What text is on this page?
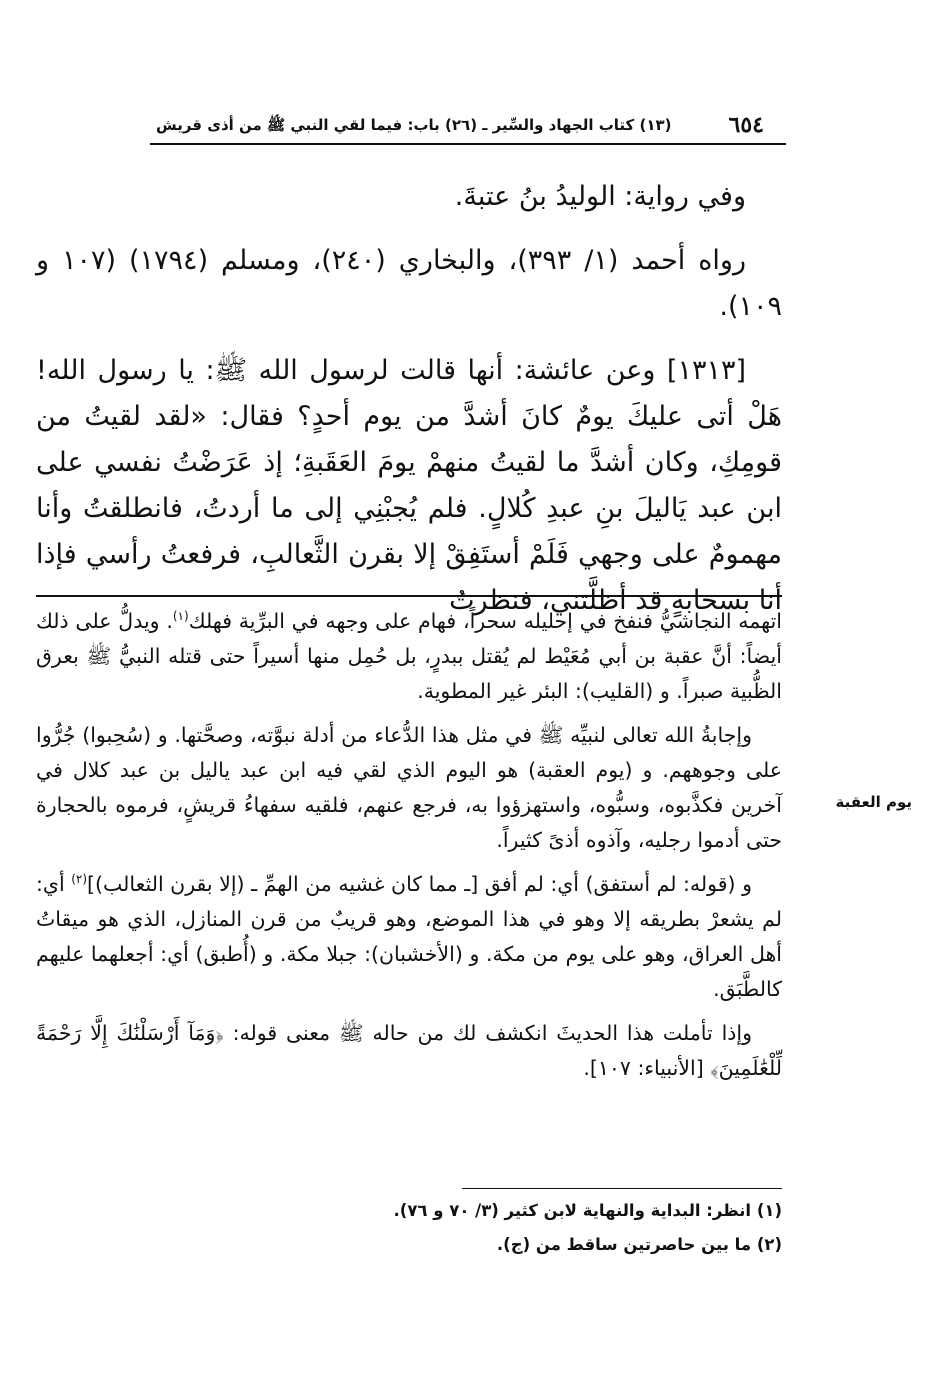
٦٥٤
(١٣) كتاب الجهاد والسِّير ـ (٢٦) باب: فيما لقي النبي ﷺ من أذى قريش

وفي رواية: الوليدُ بنُ عتبةَ.

رواه أحمد (١/ ٣٩٣)، والبخاري (٢٤٠)، ومسلم (١٧٩٤) (١٠٧ و ١٠٩).

[١٣١٣] وعن عائشة: أنها قالت لرسول الله ﷺ: يا رسول الله! هَلْ أتى عليكَ يومٌ كانَ أشدَّ من يوم أحدٍ؟ فقال: «لقد لقيتُ من قومِكِ، وكان أشدَّ ما لقيتُ منهمْ يومَ العَقَبةِ؛ إذ عَرَضْتُ نفسي على ابن عبد يَاليلَ بنِ عبدِ كُلالٍ. فلم يُجبْنِي إلى ما أردتُ، فانطلقتُ وأنا مهمومٌ على وجهي فَلَمْ أستَفِقْ إلا بقرن الثَّعالبِ، فرفعتُ رأسي فإذا أنا بسحابةٍ قد أظلَّتني، فنظرتُ

اتهمه النجاشيُّ فنفخ في إحليله سحراً، فهام على وجهه في البرِّية فهلك$^{(١)}$. ويدلُّ على ذلك أيضاً: أنَّ عقبة بن أبي مُعَيْط لم يُقتل ببدرٍ، بل حُمِل منها أسيراً حتى قتله النبيُّ ﷺ بعرق الظُّبية صبراً. و (القليب): البئر غير المطوية.

وإجابةُ الله تعالى لنبيِّه ﷺ في مثل هذا الدُّعاء من أدلة نبوَّته، وصحَّتها. و (سُحِبوا) جُرُّوا على وجوههم. و (يوم العقبة) هو اليوم الذي لقي فيه ابن عبد ياليل بن عبد كلال في آخرين فكذَّبوه، وسبُّوه، واستهزؤوا به، فرجع عنهم، فلقيه سفهاءُ قريشٍ، فرموه بالحجارة حتى أدموا رجليه، وآذوه أذىً كثيراً.

و (قوله: لم أستفق) أي: لم أفق [ـ مما كان غشيه من الهمِّ ـ (إلا بقرن الثعالب)]$^{(٢)}$ أي: لم يشعرْ بطريقه إلا وهو في هذا الموضع، وهو قريبٌ من قرن المنازل، الذي هو ميقاتُ أهل العراق، وهو على يوم من مكة. و (الأخشبان): جبلا مكة. و (أُطبق) أي: أجعلهما عليهم كالطَّبَق.

وإذا تأملت هذا الحديثَ انكشف لك من حاله ﷺ معنى قوله: ﴿وَمَآ أَرْسَلْنَٰكَ إِلَّا رَحْمَةً لِّلْعَٰلَمِينَ﴾ [الأنبياء: ١٠٧].

يوم العقبة

(١) انظر: البداية والنهاية لابن كثير (٣/ ٧٠ و ٧٦).

(٢) ما بين حاصرتين ساقط من (ج).
